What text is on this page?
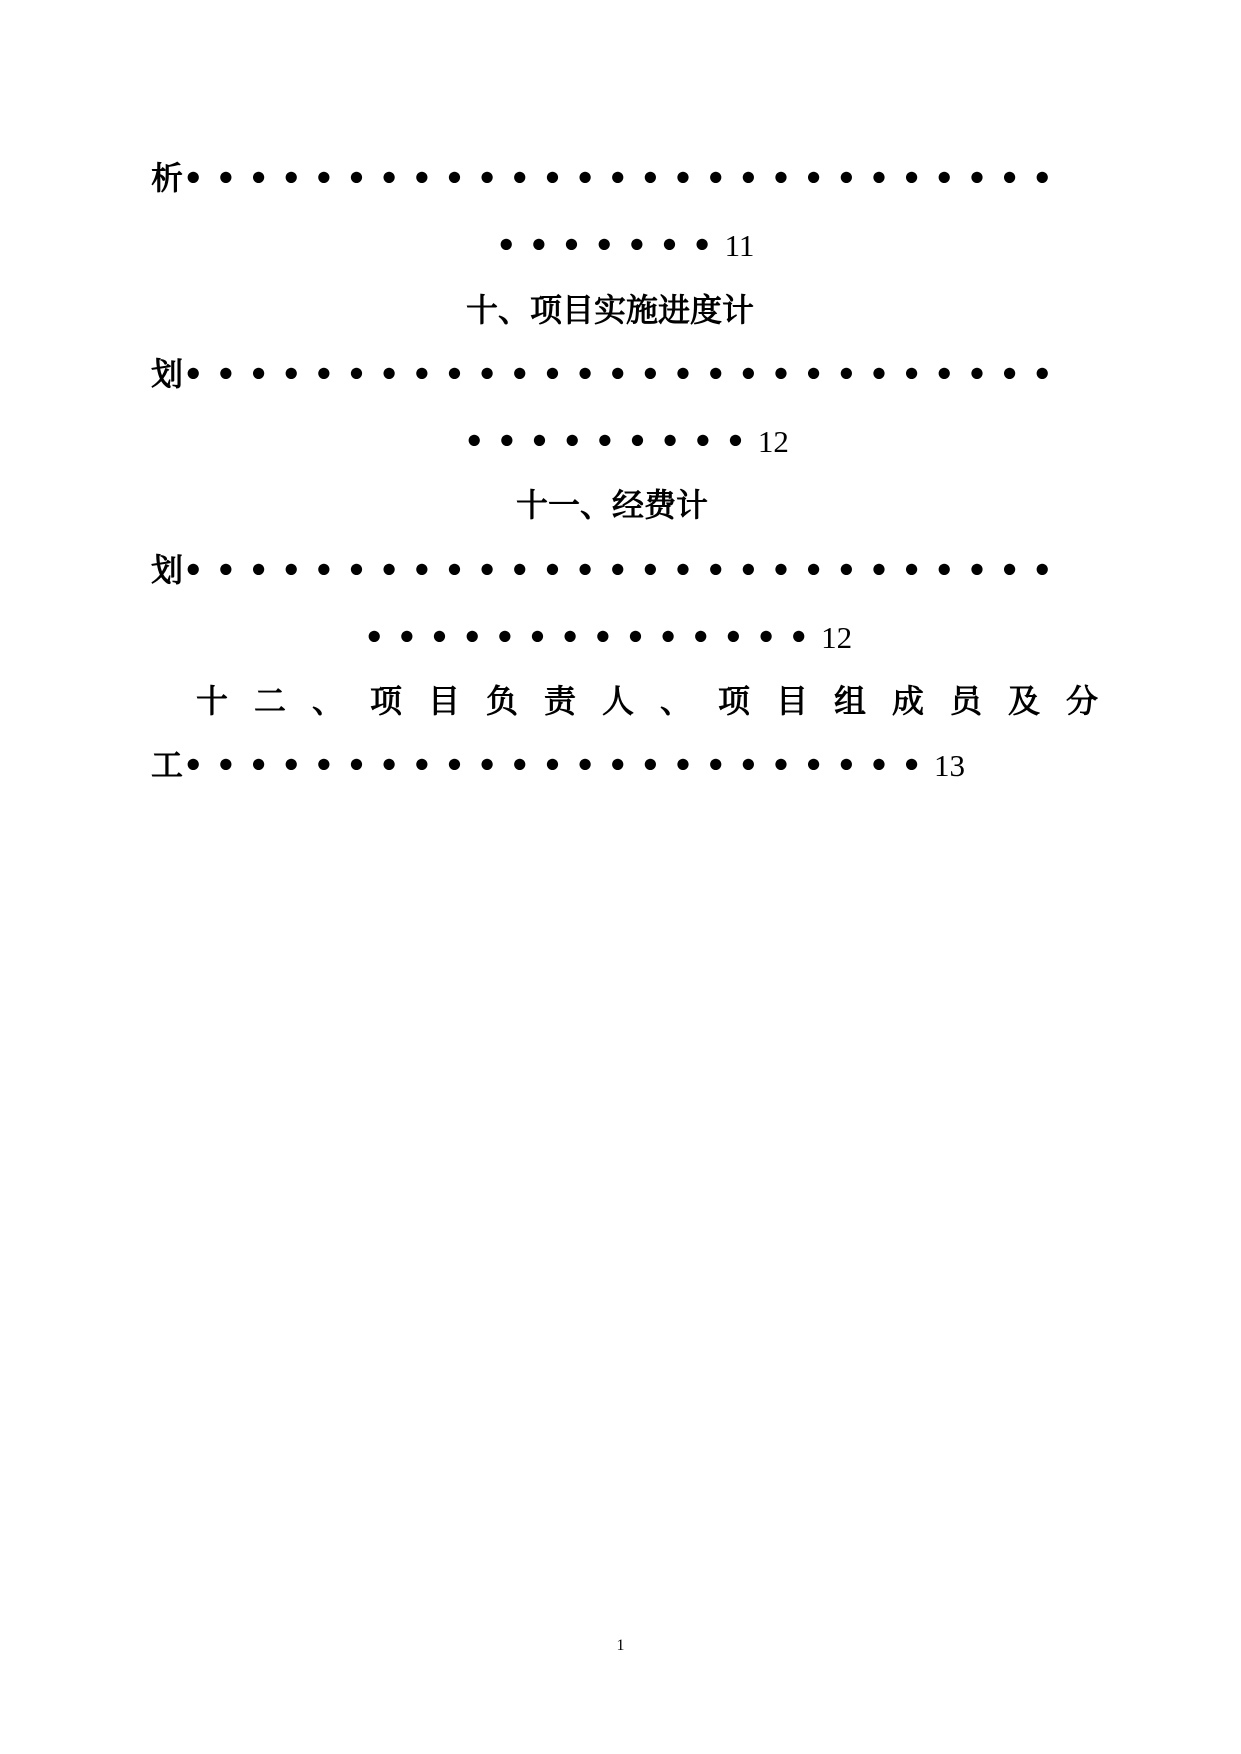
析•••••••••••••••••••••••••••
•••••••11
十、项目实施进度计
划•••••••••••••••••••••••••••
•••••••••12
十一、经费计
划•••••••••••••••••••••••••••
••••••••••••••12
十二、项目负责人、项目组成员及分
工•••••••••••••••••••••••13
1
